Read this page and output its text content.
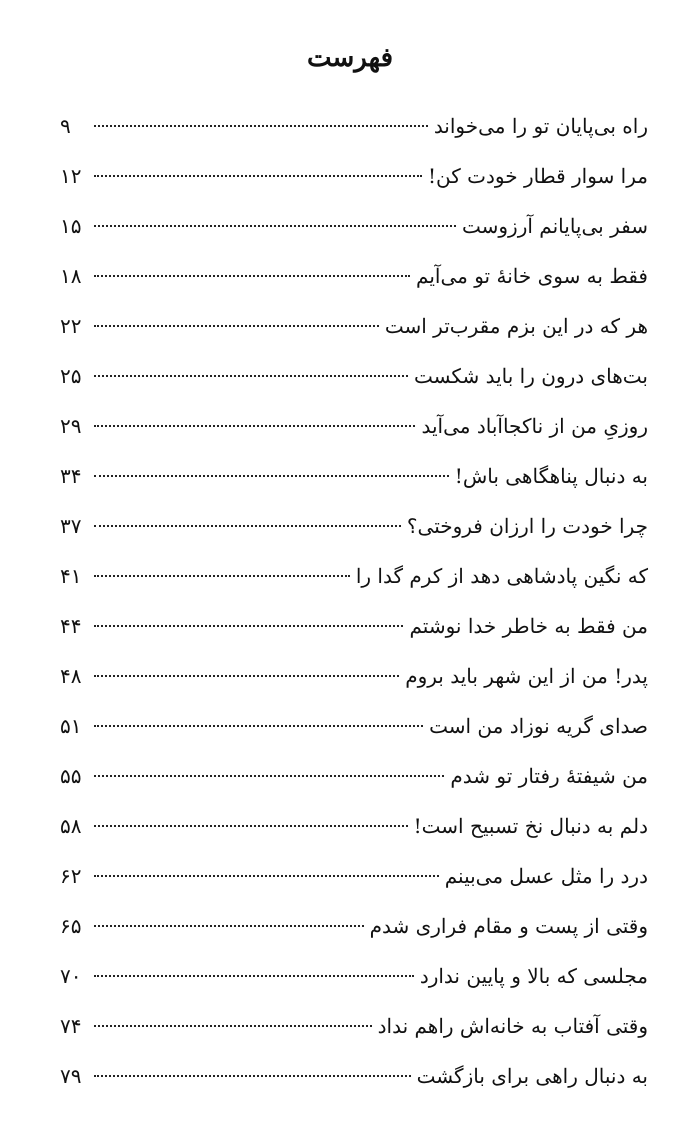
فهرست
راه بی‌پایان تو را می‌خواند
۹
مرا سوار قطار خودت کن!
۱۲
سفر بی‌پایانم آرزوست
۱۵
فقط به سوی خانۀ تو می‌آیم
۱۸
هر که در این بزم مقرب‌تر است
۲۲
بت‌های درون را باید شکست
۲۵
روزیِ من از ناکجاآباد می‌آید
۲۹
به دنبال پناهگاهی باش!
۳۴
چرا خودت را ارزان فروختی؟
۳۷
که نگین پادشاهی دهد از کرم گدا را
۴۱
من فقط به خاطر خدا نوشتم
۴۴
پدر! من از این شهر باید بروم
۴۸
صدای گریه نوزاد من است
۵۱
من شیفتۀ رفتار تو شدم
۵۵
دلم به دنبال نخ تسبیح است!
۵۸
درد را مثل عسل می‌بینم
۶۲
وقتی از پست و مقام فراری شدم
۶۵
مجلسی که بالا و پایین ندارد
۷۰
وقتی آفتاب به خانه‌اش راهم نداد
۷۴
به دنبال راهی برای بازگشت
۷۹
